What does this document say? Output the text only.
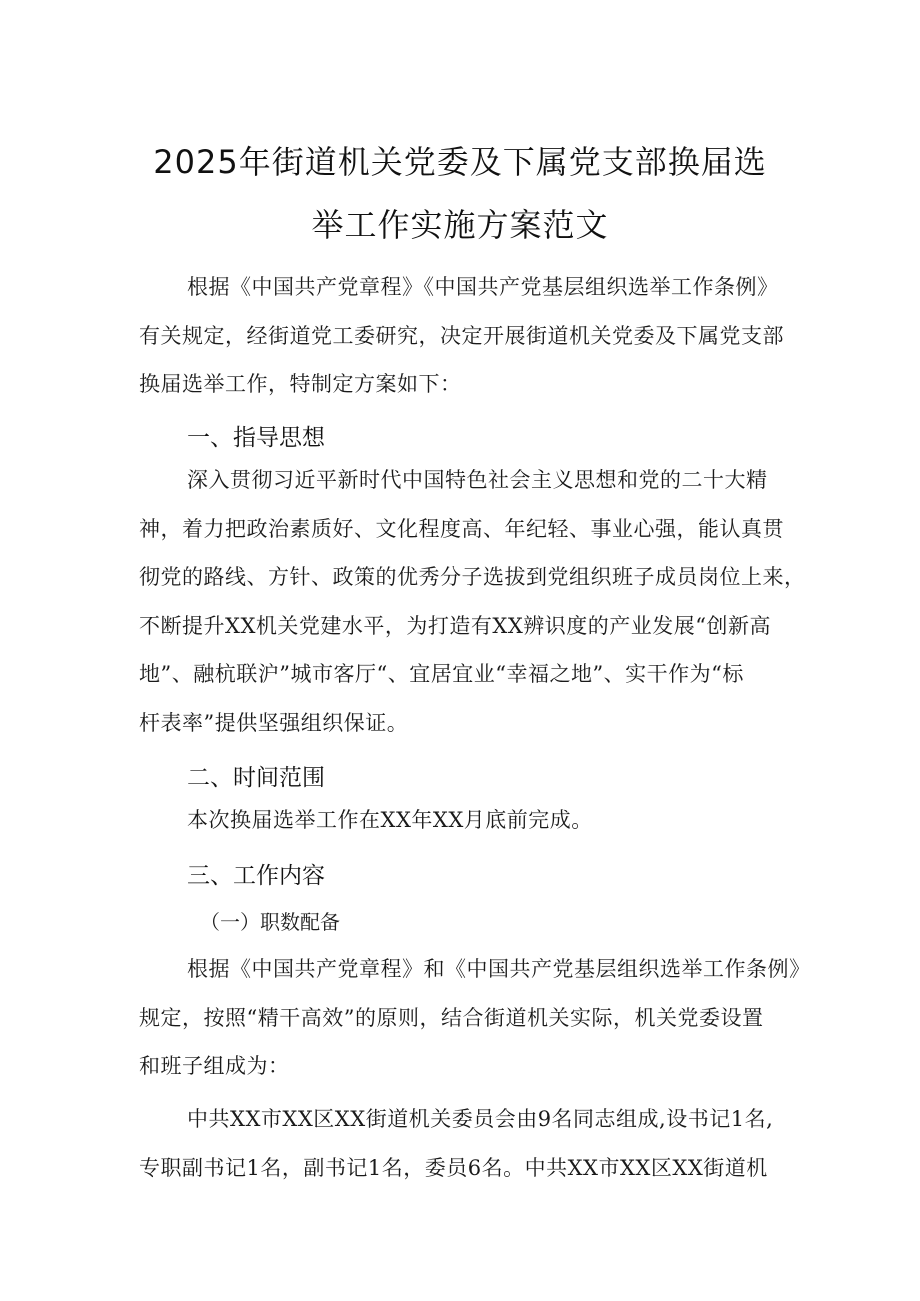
2025年街道机关党委及下属党支部换届选
举工作实施方案范文
根据《中国共产党章程》《中国共产党基层组织选举工作条例》
有关规定，经街道党工委研究，决定开展街道机关党委及下属党支部
换届选举工作，特制定方案如下：
一、指导思想
深入贯彻习近平新时代中国特色社会主义思想和党的二十大精
神，着力把政治素质好、文化程度高、年纪轻、事业心强，能认真贯
彻党的路线、方针、政策的优秀分子选拔到党组织班子成员岗位上来，
不断提升XX机关党建水平，为打造有XX辨识度的产业发展“创新高
地”、融杭联沪”城市客厅“、宜居宜业“幸福之地”、实干作为“标
杆表率”提供坚强组织保证。
二、时间范围
本次换届选举工作在XX年XX月底前完成。
三、工作内容
（一）职数配备
根据《中国共产党章程》和《中国共产党基层组织选举工作条例》
规定，按照“精干高效”的原则，结合街道机关实际，机关党委设置
和班子组成为：
中共XX市XX区XX街道机关委员会由9名同志组成,设书记1名,
专职副书记1名，副书记1名，委员6名。中共XX市XX区XX街道机
